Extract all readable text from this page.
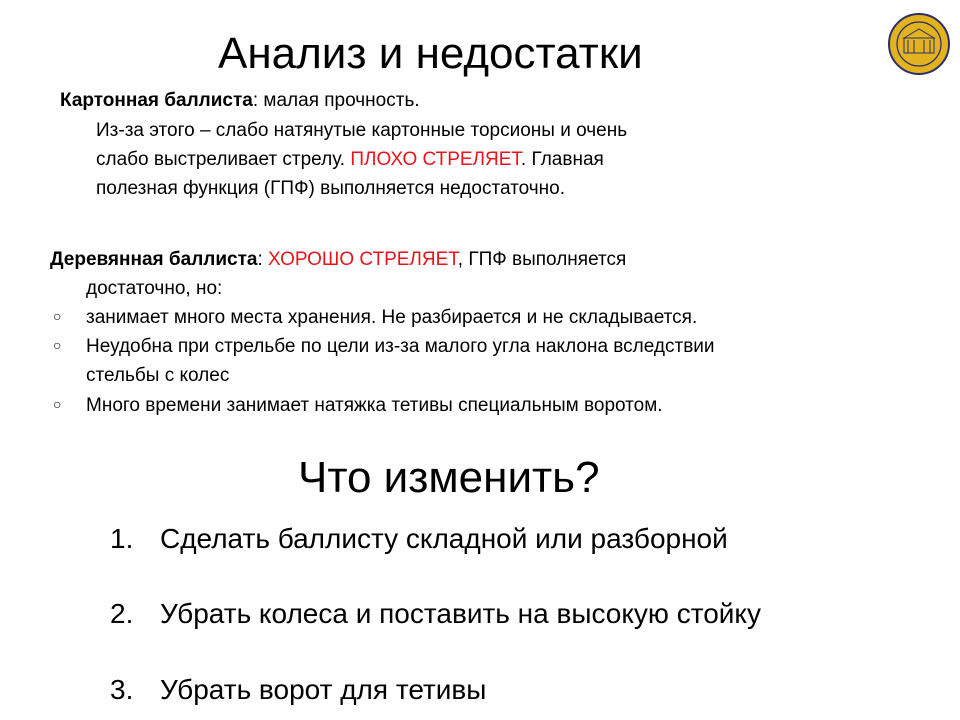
Анализ и недостатки
Картонная баллиста: малая прочность.
Из-за этого – слабо натянутые картонные торсионы и очень
слабо выстреливает стрелу. ПЛОХО СТРЕЛЯЕТ. Главная
полезная функция (ГПФ) выполняется недостаточно.
Деревянная баллиста: ХОРОШО СТРЕЛЯЕТ, ГПФ выполняется
достаточно, но:
○ занимает много места хранения. Не разбирается и не складывается.
○ Неудобна при стрельбе по цели из-за малого угла наклона вследствии
стельбы с колес
○ Много времени занимает натяжка тетивы специальным воротом.
Что изменить?
1. Сделать баллисту складной или разборной
2. Убрать колеса и поставить на высокую стойку
3. Убрать ворот для тетивы
